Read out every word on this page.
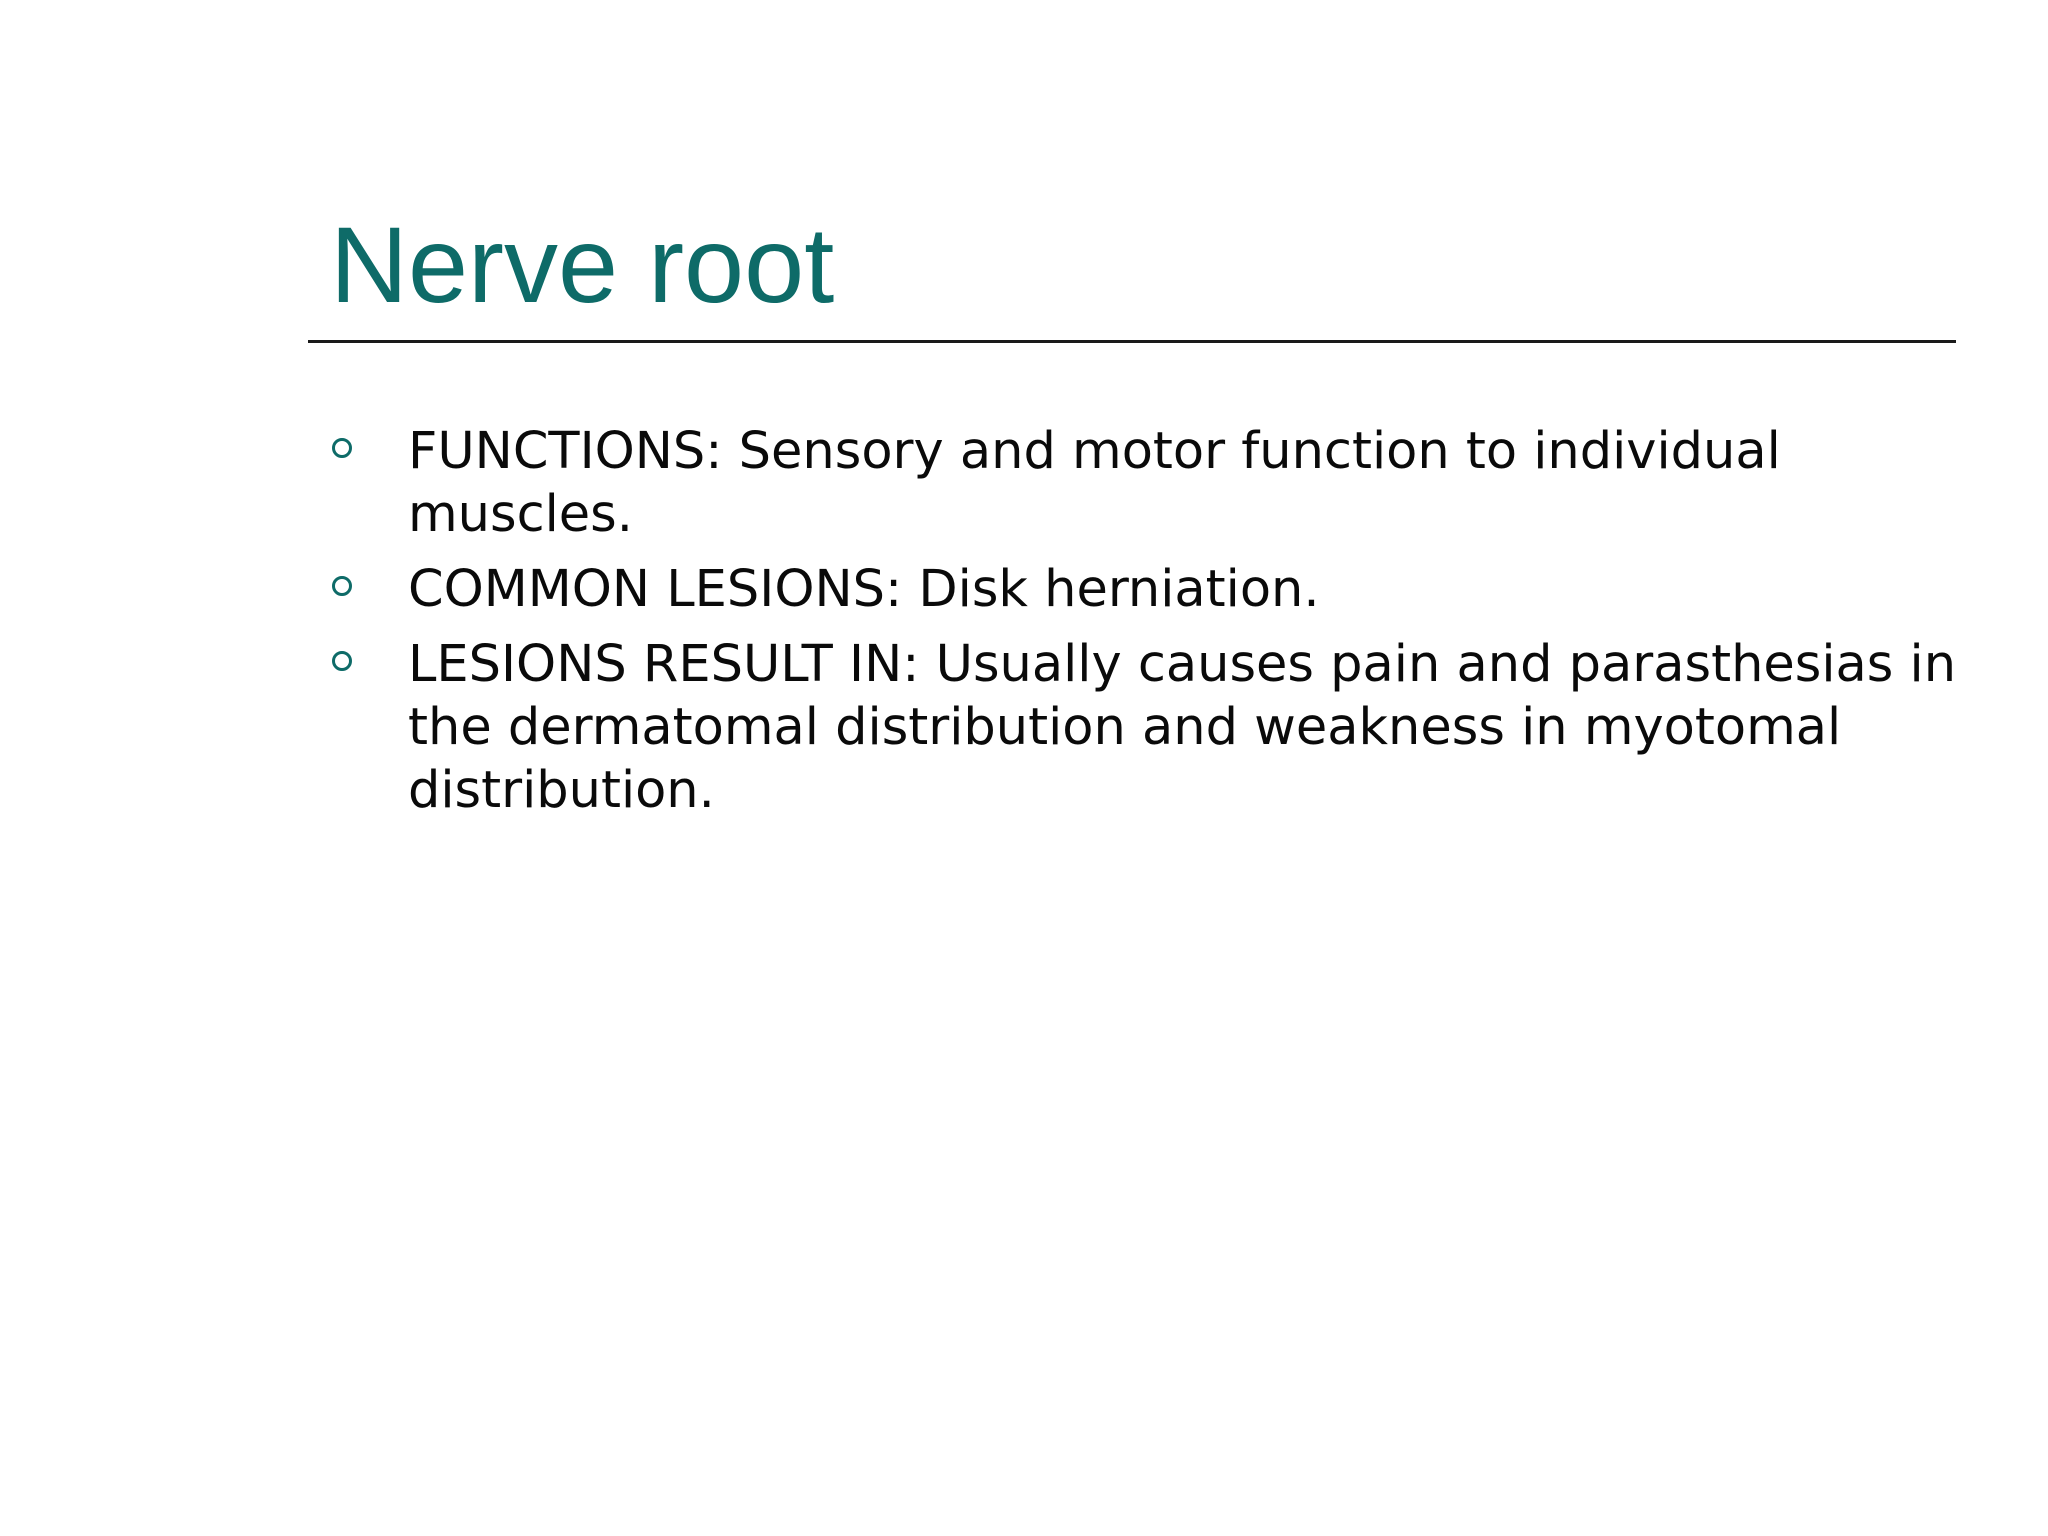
Nerve root
FUNCTIONS: Sensory and motor function to individual muscles.
COMMON LESIONS: Disk herniation.
LESIONS RESULT IN: Usually causes pain and parasthesias in the dermatomal distribution and weakness in myotomal distribution.
